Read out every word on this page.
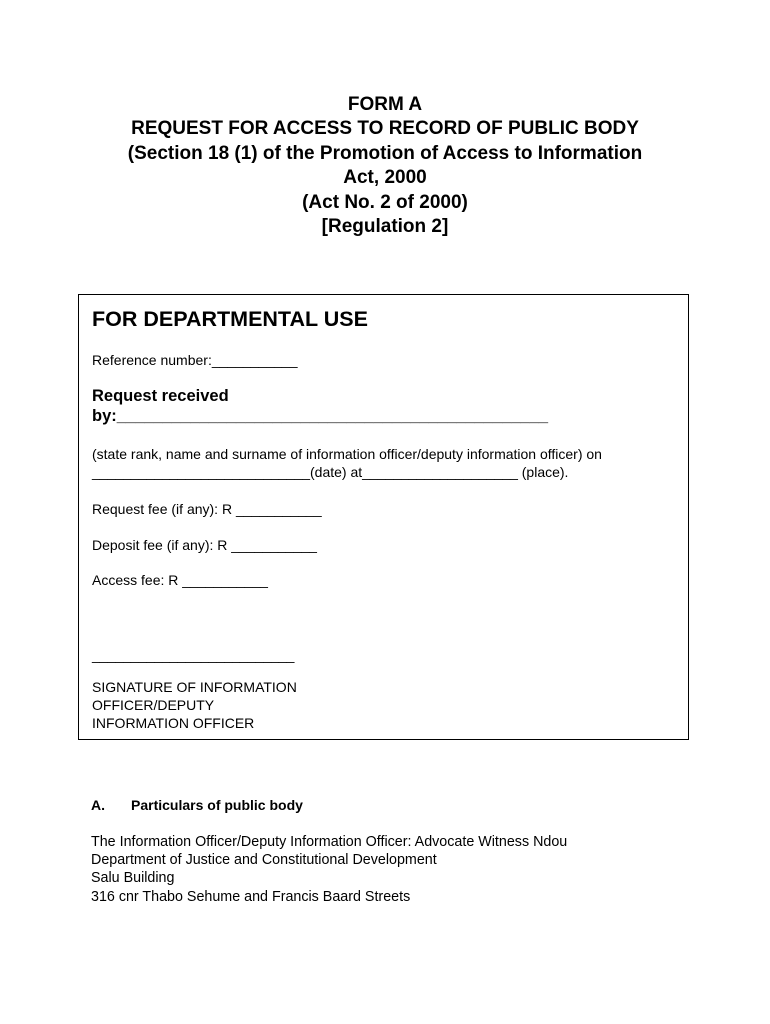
FORM A
REQUEST FOR ACCESS TO RECORD OF PUBLIC BODY
(Section 18 (1) of the Promotion of Access to Information
Act, 2000
(Act No. 2 of 2000)
[Regulation 2]
FOR DEPARTMENTAL USE
Reference number:___________
Request received
by:_______________________________________________
(state rank, name and surname of information officer/deputy information officer) on
____________________________(date) at____________________ (place).
Request fee (if any): R ___________
Deposit fee (if any): R ___________
Access fee: R ___________
__________________________
SIGNATURE OF INFORMATION
OFFICER/DEPUTY
INFORMATION OFFICER
A. Particulars of public body
The Information Officer/Deputy Information Officer: Advocate Witness Ndou
Department of Justice and Constitutional Development
Salu Building
316 cnr Thabo Sehume and Francis Baard Streets
